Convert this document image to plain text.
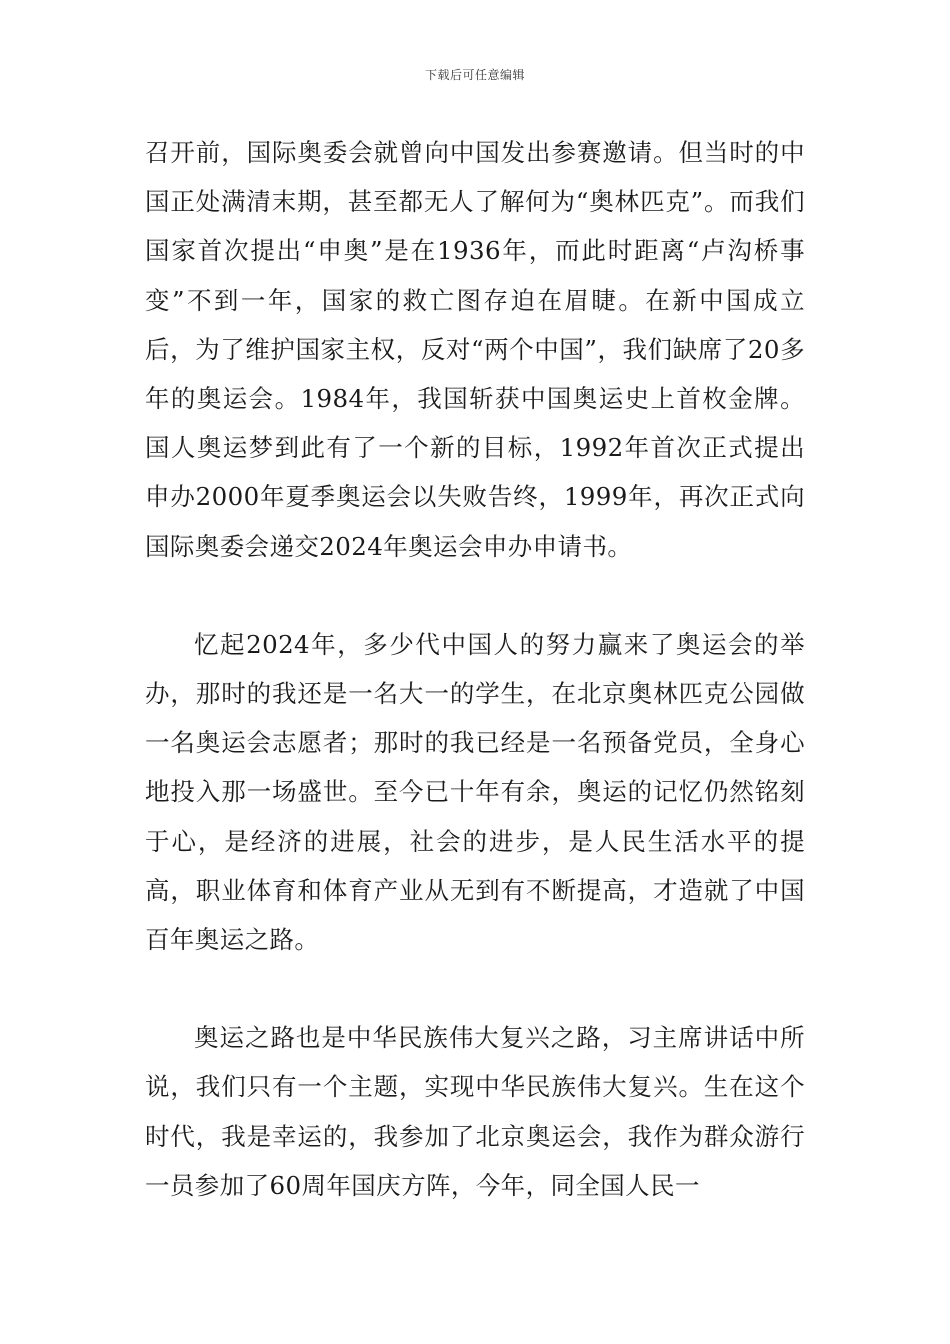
下载后可任意编辑

召开前，国际奥委会就曾向中国发出参赛邀请。但当时的中国正处满清末期，甚至都无人了解何为“奥林匹克”。而我们国家首次提出“申奥”是在1936年，而此时距离“卢沟桥事变”不到一年，国家的救亡图存迫在眉睫。在新中国成立后，为了维护国家主权，反对“两个中国”，我们缺席了20多年的奥运会。1984年，我国斩获中国奥运史上首枚金牌。国人奥运梦到此有了一个新的目标，1992年首次正式提出申办2000年夏季奥运会以失败告终，1999年，再次正式向国际奥委会递交2024年奥运会申办申请书。

忆起2024年，多少代中国人的努力赢来了奥运会的举办，那时的我还是一名大一的学生，在北京奥林匹克公园做一名奥运会志愿者；那时的我已经是一名预备党员，全身心地投入那一场盛世。至今已十年有余，奥运的记忆仍然铭刻于心，是经济的进展，社会的进步，是人民生活水平的提高，职业体育和体育产业从无到有不断提高，才造就了中国百年奥运之路。

奥运之路也是中华民族伟大复兴之路，习主席讲话中所说，我们只有一个主题，实现中华民族伟大复兴。生在这个时代，我是幸运的，我参加了北京奥运会，我作为群众游行一员参加了60周年国庆方阵，今年，同全国人民一
